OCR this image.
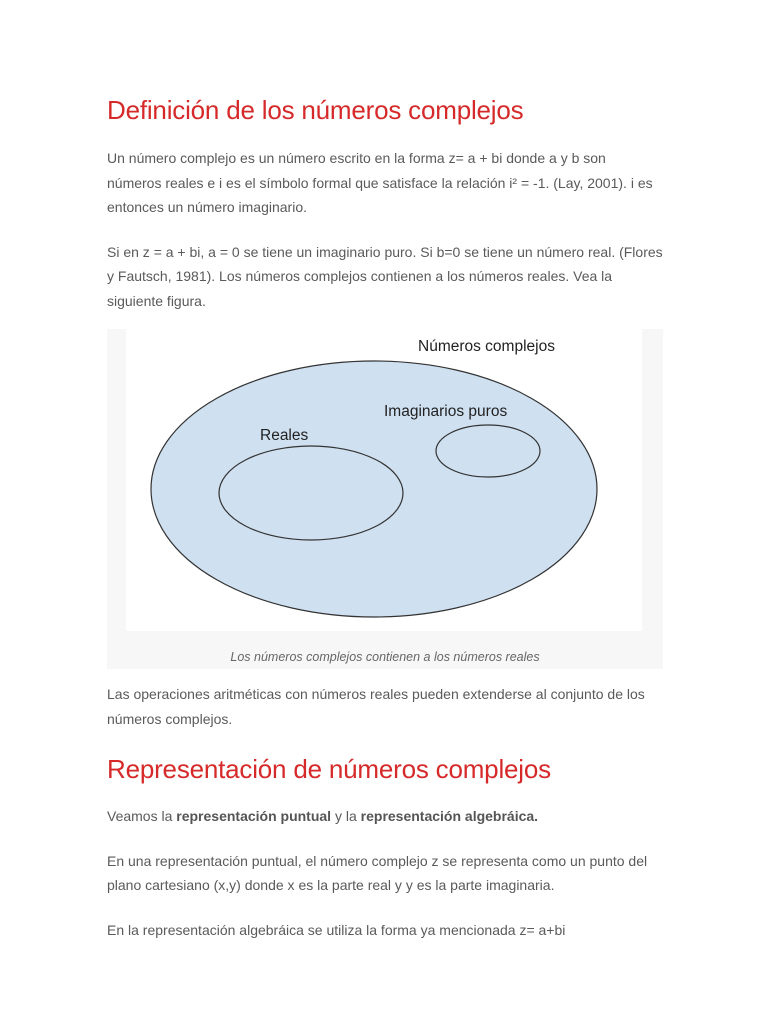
Definición de los números complejos

Un número complejo es un número escrito en la forma z= a + bi donde a y b son números reales e i es el símbolo formal que satisface la relación i² = -1. (Lay, 2001). i es entonces un número imaginario.

Si en z = a + bi, a = 0 se tiene un imaginario puro. Si b=0 se tiene un número real. (Flores y Fautsch, 1981). Los números complejos contienen a los números reales. Vea la siguiente figura.

Números complejos
Imaginarios puros
Reales
Los números complejos contienen a los números reales

Las operaciones aritméticas con números reales pueden extenderse al conjunto de los números complejos.

Representación de números complejos

Veamos la representación puntual y la representación algebráica.

En una representación puntual, el número complejo z se representa como un punto del plano cartesiano (x,y) donde x es la parte real y y es la parte imaginaria.

En la representación algebráica se utiliza la forma ya mencionada z= a+bi
